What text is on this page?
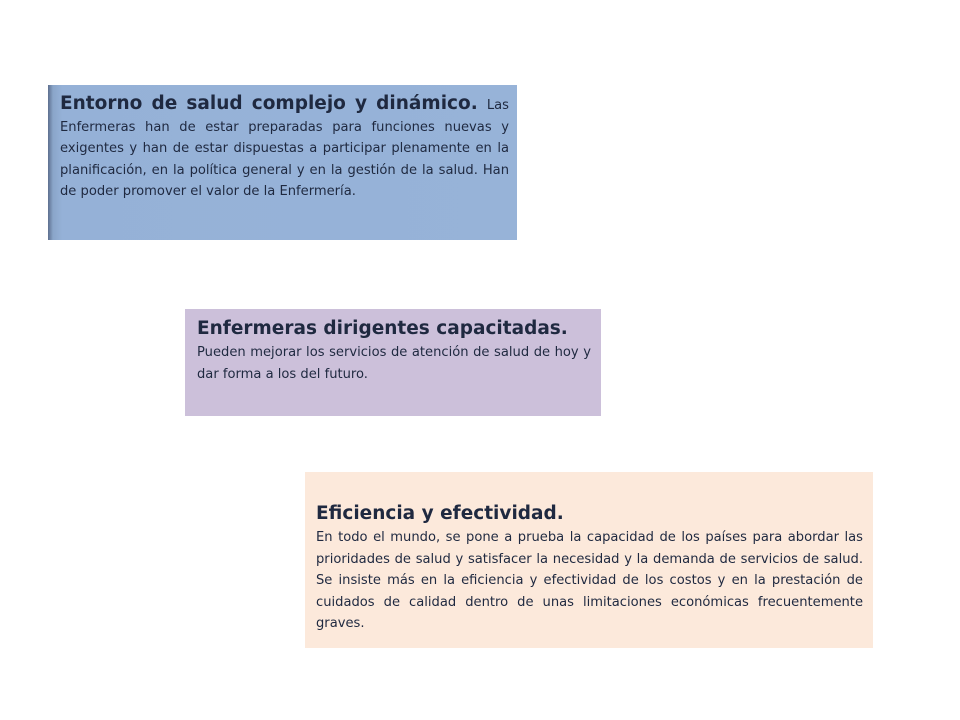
Entorno de salud complejo y dinámico. Las Enfermeras han de estar preparadas para funciones nuevas y exigentes y han de estar dispuestas a participar plenamente en la planificación, en la política general y en la gestión de la salud. Han de poder promover el valor de la Enfermería.
Enfermeras dirigentes capacitadas.
Pueden mejorar los servicios de atención de salud de hoy y dar forma a los del futuro.
Eficiencia y efectividad.
En todo el mundo, se pone a prueba la capacidad de los países para abordar las prioridades de salud y satisfacer la necesidad y la demanda de servicios de salud. Se insiste más en la eficiencia y efectividad de los costos y en la prestación de cuidados de calidad dentro de unas limitaciones económicas frecuentemente graves.
